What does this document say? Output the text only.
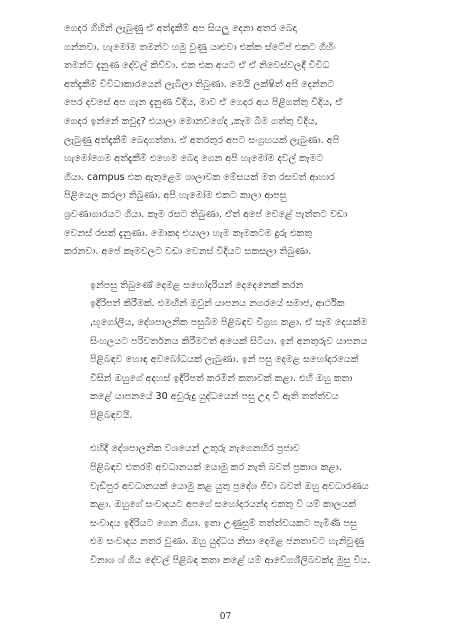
ගෙදර ගිහින් ලැබුණු ඒ අත්දැකීම් අප සියලු දෙනා අතර බෙදා
ගන්නවා. හැමෝම තමන්ට හමු වුණු යාළුවා එක්ක ස්ටේප් එකට ගිහිං
තමන්ට දැනුණ දේවල් කිව්වා. එක එක අයට ඒ ඒ නිවෙස්වලදී විවිධ
අත්දැකීම් විවිධාකාරයෙන් ලැබිලා තිබුණා. මෙයි ලක්ෂිත් අපි දෙන්නට
පෙර දවසේ අප ගැන දැනුණ විදිය, මාව ඒ ගෙදර අය පිළිගත්තු විදිය, ඒ
ගෙදර ඉන්නේ කවුද? එයාලා මොනවගේද ,කෑම බීම ගත්තු විදිය,
ලැබුණු අත්දැකීම් බෙදාගත්තා. ඒ අතරතුර අපට සංග්‍රහයක් ලැබුණා. අපි
හැමෝගෙම අත්දැකීම් එහෙම බෙදා ගෙන අපි හැමෝම දවල් කෑමට
ගියා. campus එක ඇතුළෙම ශාලාවක මේසයක් මත රසවත් ආහාර
පිළියෙල කරලා තිබුණා. අපි හැමෝම එකට කාලා ආපසු
ශ්‍රවණාගාරයට ගියා. කෑම රසට තිබුණා. ඒත් අපේ වෙළේ පැත්තට වඩා
වෙනස් රසක් දැනුණා. මොකද එයාලා හැම කෑමකටම දුරු එකතු
කරනවා. අපේ කෑමවලට වඩා වෙනස් විදියට සකසලා තිබුණා.

ඉන්පසු තිබුණේ දෙමළ සහෝදරියන් දෙදෙනෙක් කරන
ඉදිරිපත් කිරීමක්. එමඟින් ඔවුන් යාපනය නගරයේ සමාජ, ආර්ථික
,භූගෝලීය, දේශපාලනික පසුබිම පිළිබඳව විග්‍රහ කළා. ඒ සෑම දෙයක්ම
සිංහලයට පරිවර්තනය කිරීමටත් අයෙක් සිටියා. ඉන් අනතුරුව යාපනය
පිළිබඳව හොඳ අවබෝධයක් ලැබුණා. ඉන් පසු දෙමළ සහෝදරයෙක්
විසින් ඔහුගේ අදහස් ඉදිරිපත් කරමින් කතාවක් කළා. එහි ඔහු කතා
කළේ යාපනයේ 30 අවුරුදු යුද්ධයෙන් පසු උදා වී ඇති තත්ත්වය
පිළිබඳවයි.

එහිදී දේශපාලනික වශයෙන් උතුරු නැගෙනහිර ප්‍රජාව
පිළිබඳව එතරම් අවධානයක් යොමු කර නැති බවත් ප්‍රකාශ කළා.
වැඩිපුර අවධානයක් යොමු කළ යුතු ප්‍රදේශ ජීවා බවත් ඔහු අවධාරණය
කළා. ඔහුගේ සංවාදයට අපගේ සහෝදරයන්ද එකතු වී යම් කාලයක්
සංවාදය ඉදිරියට ගෙන ගියා. ඉතා උණුසුම් තත්ත්වයකට පැමිණි පසු
එම සංවාදය නතර වුණා. ඔහු යුද්ධය නිසා දෙමළ ජනතාවට හැනිවුණු
විනාශ ශ් ගිය දේවල් පිළිබඳ කතා කළේ යම් ආවේගශීලිබවක්ද මුසු විය.

07
